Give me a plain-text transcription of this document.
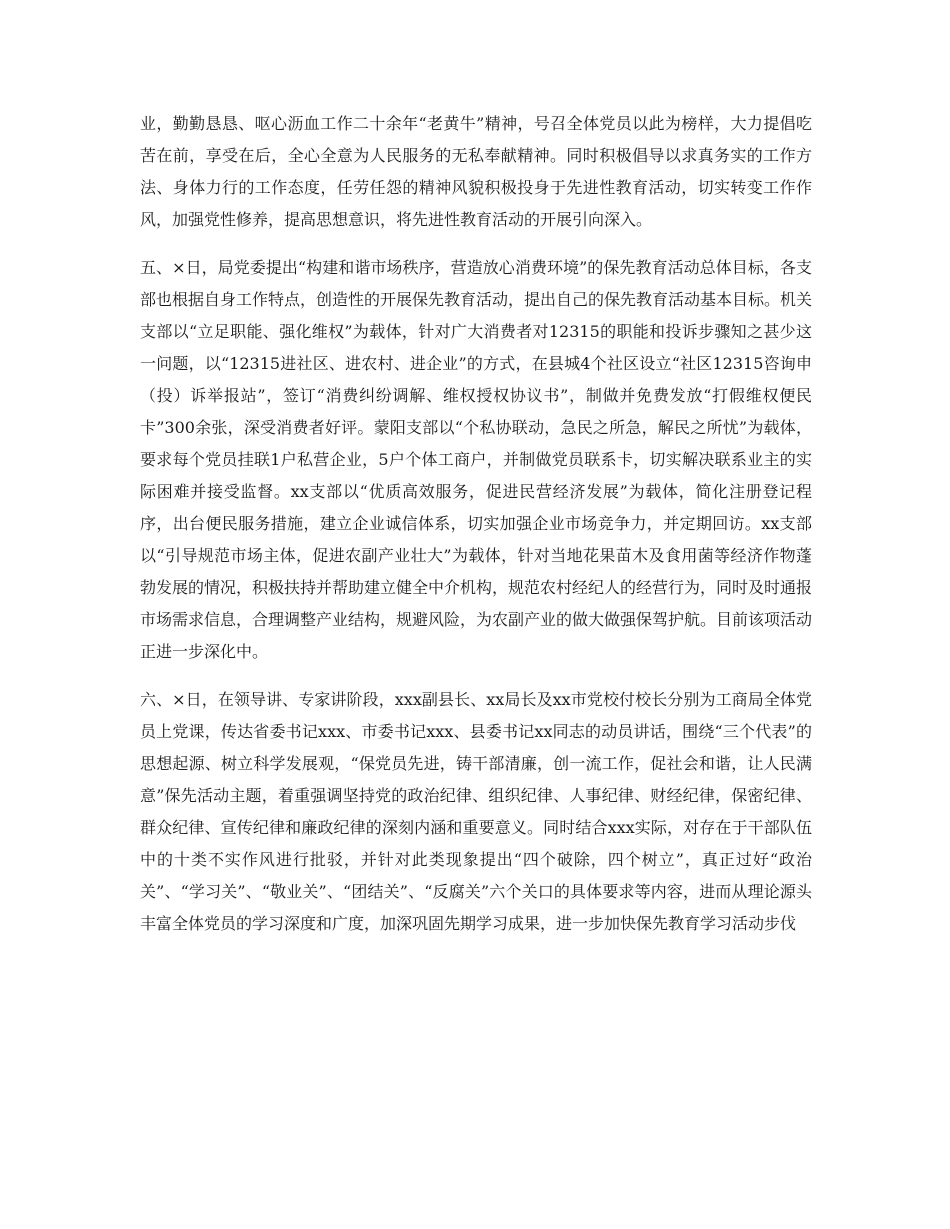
业，勤勤恳恳、呕心沥血工作二十余年“老黄牛”精神，号召全体党员以此为榜样，大力提倡吃苦在前，享受在后，全心全意为人民服务的无私奉献精神。同时积极倡导以求真务实的工作方法、身体力行的工作态度，任劳任怨的精神风貌积极投身于先进性教育活动，切实转变工作作风，加强党性修养，提高思想意识，将先进性教育活动的开展引向深入。

五、×日，局党委提出“构建和谐市场秩序，营造放心消费环境”的保先教育活动总体目标，各支部也根据自身工作特点，创造性的开展保先教育活动，提出自己的保先教育活动基本目标。机关支部以“立足职能、强化维权”为载体，针对广大消费者对12315的职能和投诉步骤知之甚少这一问题，以“12315进社区、进农村、进企业”的方式，在县城4个社区设立“社区12315咨询申（投）诉举报站”，签订“消费纠纷调解、维权授权协议书”，制做并免费发放“打假维权便民卡”300余张，深受消费者好评。蒙阳支部以“个私协联动，急民之所急，解民之所忧”为载体，要求每个党员挂联1户私营企业，5户个体工商户，并制做党员联系卡，切实解决联系业主的实际困难并接受监督。xx支部以“优质高效服务，促进民营经济发展”为载体，简化注册登记程序，出台便民服务措施，建立企业诚信体系，切实加强企业市场竞争力，并定期回访。xx支部以“引导规范市场主体，促进农副产业壮大”为载体，针对当地花果苗木及食用菌等经济作物蓬勃发展的情况，积极扶持并帮助建立健全中介机构，规范农村经纪人的经营行为，同时及时通报市场需求信息，合理调整产业结构，规避风险，为农副产业的做大做强保驾护航。目前该项活动正进一步深化中。

六、×日，在领导讲、专家讲阶段，xxx副县长、xx局长及xx市党校付校长分别为工商局全体党员上党课，传达省委书记xxx、市委书记xxx、县委书记xx同志的动员讲话，围绕“三个代表”的思想起源、树立科学发展观，“保党员先进，铸干部清廉，创一流工作，促社会和谐，让人民满意”保先活动主题，着重强调坚持党的政治纪律、组织纪律、人事纪律、财经纪律，保密纪律、群众纪律、宣传纪律和廉政纪律的深刻内涵和重要意义。同时结合xxx实际，对存在于干部队伍中的十类不实作风进行批驳，并针对此类现象提出“四个破除，四个树立”，真正过好“政治关”、“学习关”、“敬业关”、“团结关”、“反腐关”六个关口的具体要求等内容，进而从理论源头丰富全体党员的学习深度和广度，加深巩固先期学习成果，进一步加快保先教育学习活动步伐
